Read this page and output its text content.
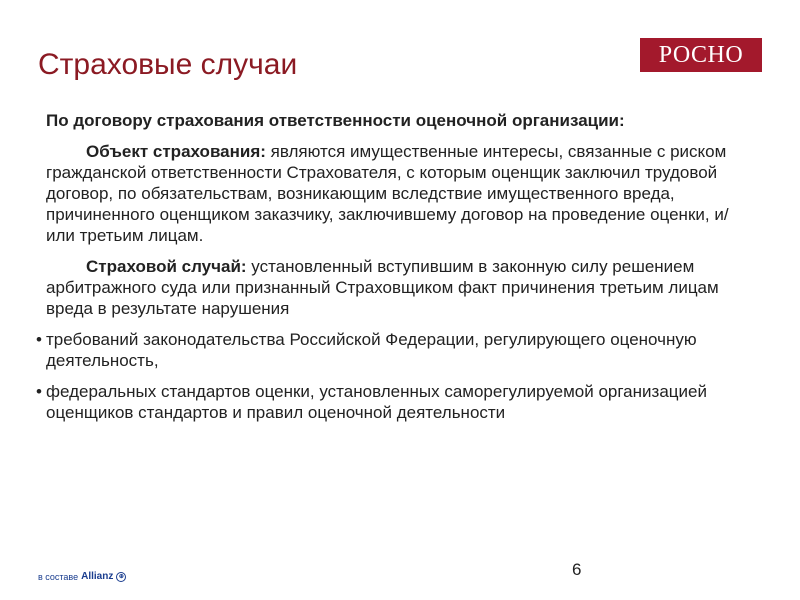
Страховые случаи	РОСНО

По договору страхования ответственности оценочной организации:

Объект страхования: являются имущественные интересы, связанные с риском гражданской ответственности Страхователя, с которым оценщик заключил трудовой договор, по обязательствам, возникающим вследствие имущественного вреда, причиненного оценщиком заказчику, заключившему договор на проведение оценки, и/или третьим лицам.

Страховой случай: установленный вступившим в законную силу решением арбитражного суда или признанный Страховщиком факт причинения третьим лицам вреда в результате нарушения

• требований законодательства Российской Федерации, регулирующего оценочную деятельность,

• федеральных стандартов оценки, установленных саморегулируемой организацией оценщиков стандартов и правил оценочной деятельности

6
в составе Allianz ⊕
